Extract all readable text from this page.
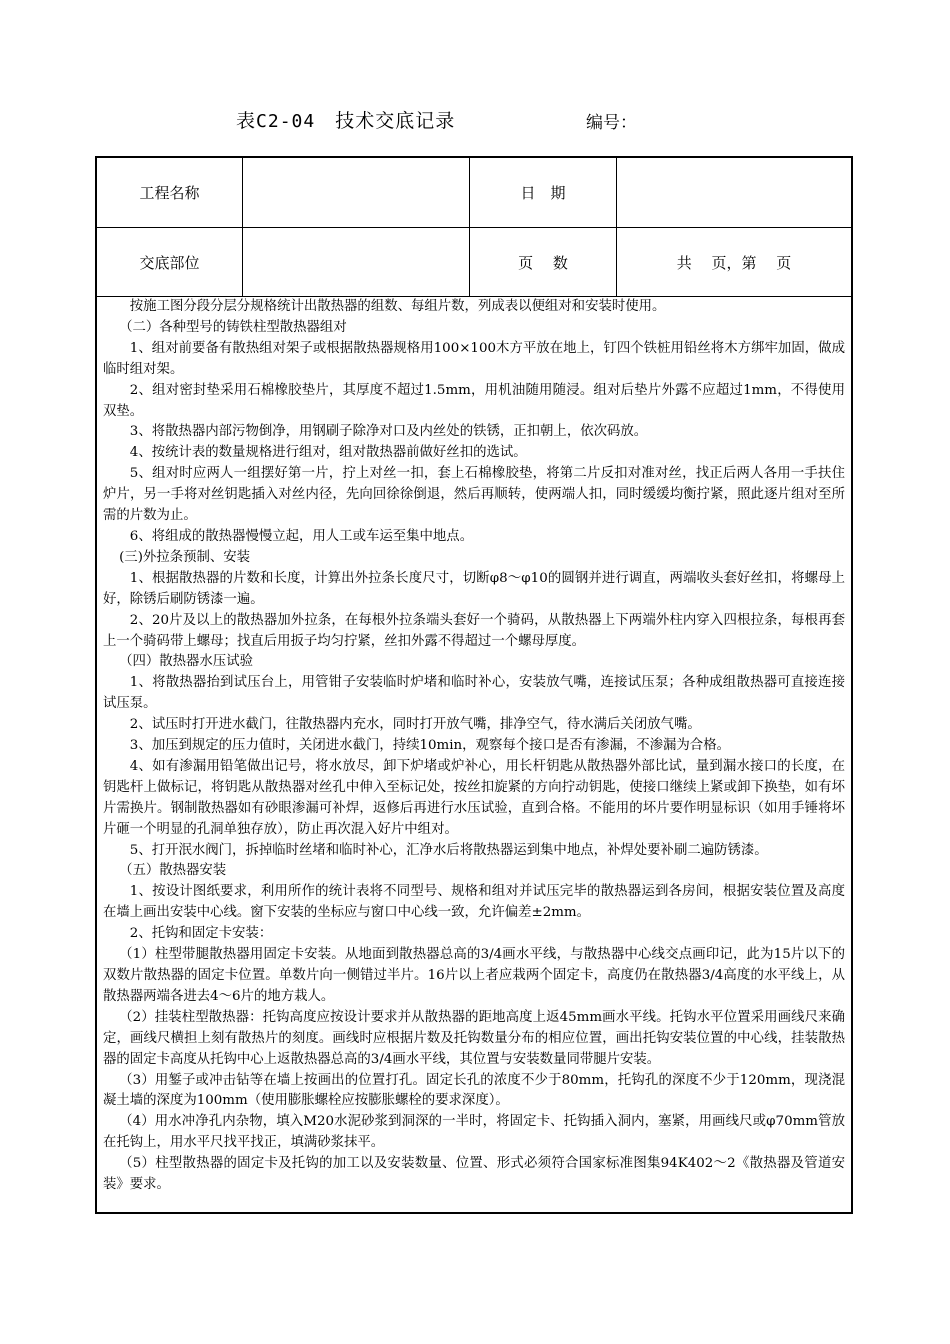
表C2-04　 技术交底记录	编号：
工程名称	日　期
交底部位	页　 数	共　 页，第　 页

按施工图分段分层分规格统计出散热器的组数、每组片数，列成表以便组对和安装时使用。

（二）各种型号的铸铁柱型散热器组对

1、组对前要备有散热组对架子或根据散热器规格用100×100木方平放在地上，钉四个铁桩用铅丝将木方绑牢加固，做成临时组对架。

2、组对密封垫采用石棉橡胶垫片，其厚度不超过1.5mm，用机油随用随浸。组对后垫片外露不应超过1mm，不得使用双垫。

3、将散热器内部污物倒净，用钢刷子除净对口及内丝处的铁锈，正扣朝上，依次码放。

4、按统计表的数量规格进行组对，组对散热器前做好丝扣的选试。

5、组对时应两人一组摆好第一片，拧上对丝一扣，套上石棉橡胶垫，将第二片反扣对准对丝，找正后两人各用一手扶住炉片，另一手将对丝钥匙插入对丝内径，先向回徐徐倒退，然后再顺转，使两端人扣，同时缓缓均衡拧紧，照此逐片组对至所需的片数为止。

6、将组成的散热器慢慢立起，用人工或车运至集中地点。

(三)外拉条预制、安装

1、根据散热器的片数和长度，计算出外拉条长度尺寸，切断φ8～φ10的圆钢并进行调直，两端收头套好丝扣，将螺母上好，除锈后刷防锈漆一遍。

2、20片及以上的散热器加外拉条，在每根外拉条端头套好一个骑码，从散热器上下两端外柱内穿入四根拉条，每根再套上一个骑码带上螺母；找直后用扳子均匀拧紧，丝扣外露不得超过一个螺母厚度。

（四）散热器水压试验

1、将散热器抬到试压台上，用管钳子安装临时炉堵和临时补心，安装放气嘴，连接试压泵；各种成组散热器可直接连接试压泵。

2、试压时打开进水截门，往散热器内充水，同时打开放气嘴，排净空气，待水满后关闭放气嘴。

3、加压到规定的压力值时，关闭进水截门，持续10min，观察每个接口是否有渗漏，不渗漏为合格。

4、如有渗漏用铅笔做出记号，将水放尽，卸下炉堵或炉补心，用长杆钥匙从散热器外部比试，量到漏水接口的长度，在钥匙杆上做标记，将钥匙从散热器对丝孔中伸入至标记处，按丝扣旋紧的方向拧动钥匙，使接口继续上紧或卸下换垫，如有坏片需换片。钢制散热器如有砂眼渗漏可补焊，返修后再进行水压试验，直到合格。不能用的坏片要作明显标识（如用手锤将坏片砸一个明显的孔洞单独存放），防止再次混入好片中组对。

5、打开泯水阀门，拆掉临时丝堵和临时补心，汇净水后将散热器运到集中地点，补焊处要补刷二遍防锈漆。

（五）散热器安装

1、按设计图纸要求，利用所作的统计表将不同型号、规格和组对并试压完毕的散热器运到各房间，根据安装位置及高度在墙上画出安装中心线。窗下安装的坐标应与窗口中心线一致，允许偏差±2mm。

2、托钩和固定卡安装：

（1）柱型带腿散热器用固定卡安装。从地面到散热器总高的3/4画水平线，与散热器中心线交点画印记，此为15片以下的双数片散热器的固定卡位置。单数片向一侧错过半片。16片以上者应栽两个固定卡，高度仍在散热器3/4高度的水平线上，从散热器两端各进去4～6片的地方栽人。

（2）挂装柱型散热器：托钩高度应按设计要求并从散热器的距地高度上返45mm画水平线。托钩水平位置采用画线尺来确定，画线尺横担上刻有散热片的刻度。画线时应根据片数及托钩数量分布的相应位置，画出托钩安装位置的中心线，挂装散热器的固定卡高度从托钩中心上返散热器总高的3/4画水平线，其位置与安装数量同带腿片安装。

（3）用錾子或冲击钻等在墙上按画出的位置打孔。固定长孔的浓度不少于80mm，托钩孔的深度不少于120mm，现浇混凝土墙的深度为100mm（使用膨胀螺栓应按膨胀螺栓的要求深度）。

（4）用水冲净孔内杂物，填入M20水泥砂浆到洞深的一半时，将固定卡、托钩插入洞内，塞紧，用画线尺或φ70mm管放在托钩上，用水平尺找平找正，填满砂浆抹平。

（5）柱型散热器的固定卡及托钩的加工以及安装数量、位置、形式必须符合国家标准图集94K402～2《散热器及管道安装》要求。
